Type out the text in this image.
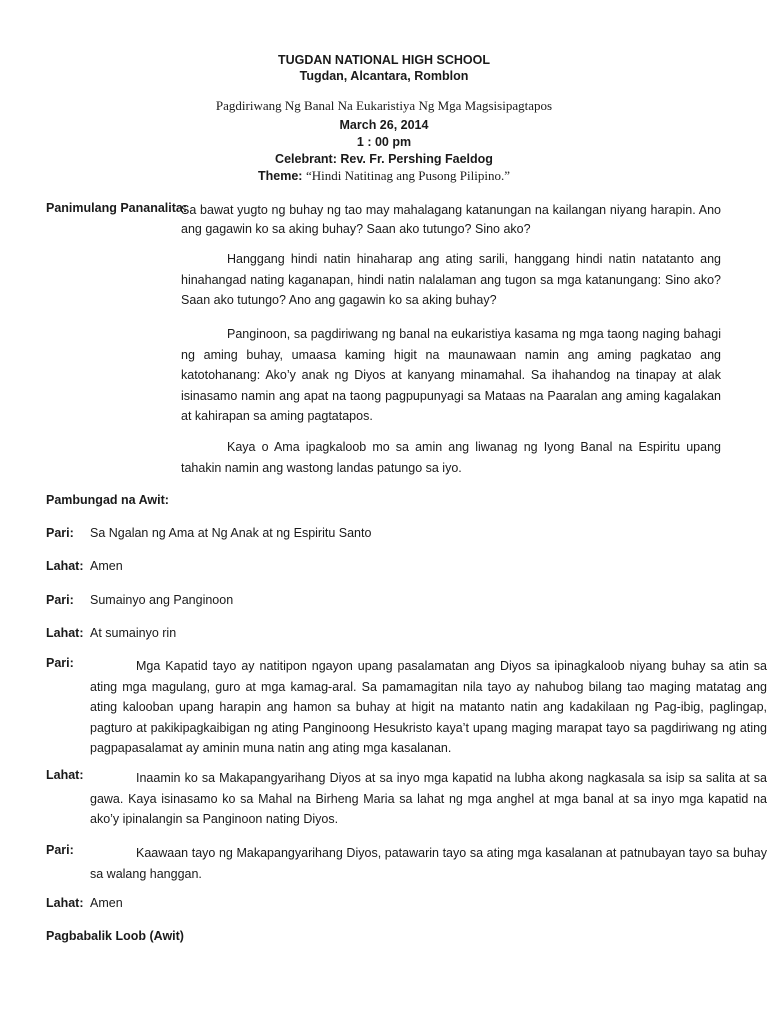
TUGDAN NATIONAL HIGH SCHOOL
Tugdan, Alcantara, Romblon
Pagdiriwang Ng Banal Na Eukaristiya Ng Mga Magsisipagtapos
March 26, 2014
1 : 00 pm
Celebrant: Rev. Fr. Pershing Faeldog
Theme: “Hindi Natitinag ang Pusong Pilipino.”
Panimulang Pananalita:
Sa bawat yugto ng buhay ng tao may mahalagang katanungan na kailangan niyang harapin. Ano ang gagawin ko sa aking buhay? Saan ako tutungo? Sino ako?
Hanggang hindi natin hinaharap ang ating sarili, hanggang hindi natin natatanto ang hinahangad nating kaganapan, hindi natin nalalaman ang tugon sa mga katanungang: Sino ako? Saan ako tutungo? Ano ang gagawin ko sa aking buhay?
Panginoon, sa pagdiriwang ng banal na eukaristiya kasama ng mga taong naging bahagi ng aming buhay, umaasa kaming higit na maunawaan namin ang aming pagkatao ang katotohanang: Ako’y anak ng Diyos at kanyang minamahal. Sa ihahandog na tinapay at alak isinasamo namin ang apat na taong pagpupunyagi sa Mataas na Paaralan ang aming kagalakan at kahirapan sa aming pagtatapos.
Kaya o Ama ipagkaloob mo sa amin ang liwanag ng Iyong Banal na Espiritu upang tahakin namin ang wastong landas patungo sa iyo.
Pambungad na Awit:
Pari: Sa Ngalan ng Ama at Ng Anak at ng Espiritu Santo
Lahat: Amen
Pari: Sumainyo ang Panginoon
Lahat: At sumainyo rin
Pari:	Mga Kapatid tayo ay natitipon ngayon upang pasalamatan ang Diyos sa ipinagkaloob niyang buhay sa atin sa ating mga magulang, guro at mga kamag-aral. Sa pamamagitan nila tayo ay nahubog bilang tao maging matatag ang ating kalooban upang harapin ang hamon sa buhay at higit na matanto natin ang kadakilaan ng Pag-ibig, paglingap, pagturo at pakikipagkaibigan ng ating Panginoong Hesukristo kaya’t upang maging marapat tayo sa pagdiriwang ng ating pagpapasalamat ay aminin muna natin ang ating mga kasalanan.
Lahat:	Inaamin ko sa Makapangyarihang Diyos at sa inyo mga kapatid na lubha akong nagkasala sa isip sa salita at sa gawa. Kaya isinasamo ko sa Mahal na Birheng Maria sa lahat ng mga anghel at mga banal at sa inyo mga kapatid na ako’y ipinalangin sa Panginoon nating Diyos.
Pari:	Kaawaan tayo ng Makapangyarihang Diyos, patawarin tayo sa ating mga kasalanan at patnubayan tayo sa buhay sa walang hanggan.
Lahat: Amen
Pagbabalik Loob (Awit)
